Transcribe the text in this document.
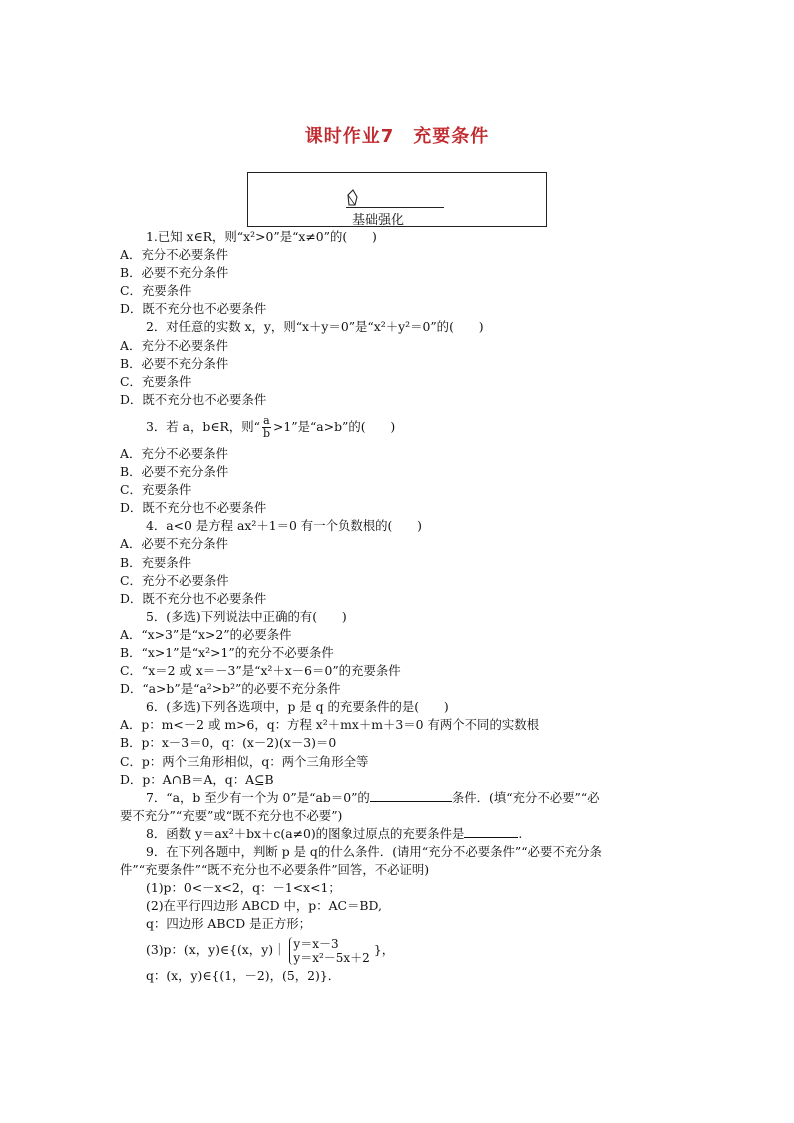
课时作业7　充要条件
基础强化
1.已知 x∈R，则“x²>0”是“x≠0”的(　　)
A．充分不必要条件
B．必要不充分条件
C．充要条件
D．既不充分也不必要条件
2．对任意的实数 x，y，则“x＋y＝0”是“x²＋y²＝0”的(　　)
A．充分不必要条件
B．必要不充分条件
C．充要条件
D．既不充分也不必要条件
3．若 a，b∈R，则“ $\frac{a}{b} >1$”是“a>b”的(　　)
A．充分不必要条件
B．必要不充分条件
C．充要条件
D．既不充分也不必要条件
4．a<0 是方程 ax²＋1＝0 有一个负数根的(　　)
A．必要不充分条件
B．充要条件
C．充分不必要条件
D．既不充分也不必要条件
5．(多选)下列说法中正确的有(　　)
A．“x>3”是“x>2”的必要条件
B．“x>1”是“x²>1”的充分不必要条件
C．“x＝2 或 x＝－3”是“x²＋x－6＝0”的充要条件
D．“a>b”是“a²>b²”的必要不充分条件
6．(多选)下列各选项中，p 是 q 的充要条件的是(　　)
A．p：m<－2 或 m>6，q：方程 x²＋mx＋m＋3＝0 有两个不同的实数根
B．p：x－3＝0，q：(x－2)(x－3)＝0
C．p：两个三角形相似，q：两个三角形全等
D．p：A∩B＝A，q：A⊆B
7．“a，b 至少有一个为 0”是“ab＝0”的	条件．(填“充分不必要”“必
要不充分”“充要”或“既不充分也不必要”)
8．函数 y＝ax²＋bx＋c(a≠0)的图象过原点的充要条件是	.
9．在下列各题中，判断 p 是 q的什么条件．(请用“充分不必要条件”“必要不充分条
件”“充要条件”“既不充分也不必要条件”回答，不必证明)
(1)p：0<－x<2，q：－1<x<1；
(2)在平行四边形 ABCD 中，p：AC＝BD,
q：四边形 ABCD 是正方形；
(3)p：(x，y)∈{(x，y)｜ y＝x－3
y＝x²－5x＋2
}，
q：(x，y)∈{(1，－2)，(5，2)}．
